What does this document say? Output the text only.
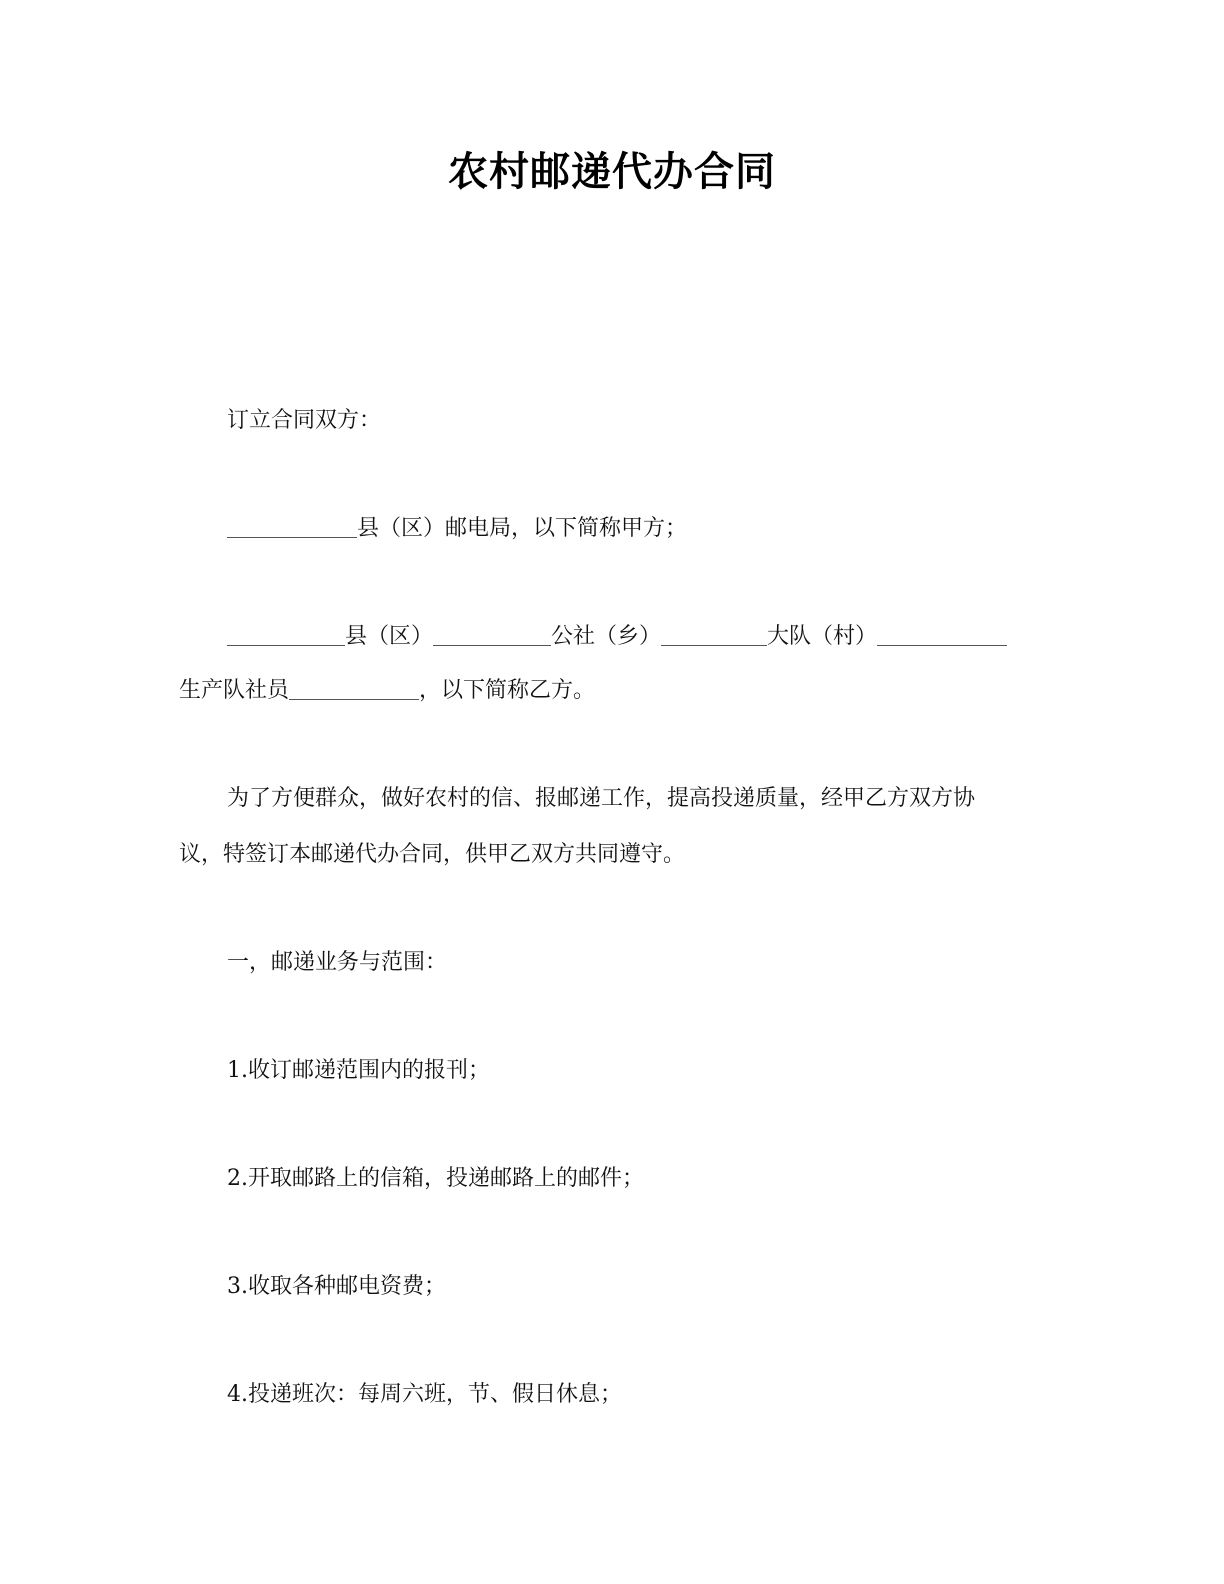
农村邮递代办合同
订立合同双方：
县（区）邮电局，以下简称甲方；
县（区）	公社（乡）	大队（村）
生产队社员	，以下简称乙方。
为了方便群众，做好农村的信、报邮递工作，提高投递质量，经甲乙方双方协
议，特签订本邮递代办合同，供甲乙双方共同遵守。
一，邮递业务与范围：
1.收订邮递范围内的报刊；
2.开取邮路上的信箱，投递邮路上的邮件；
3.收取各种邮电资费；
4.投递班次：每周六班，节、假日休息；
